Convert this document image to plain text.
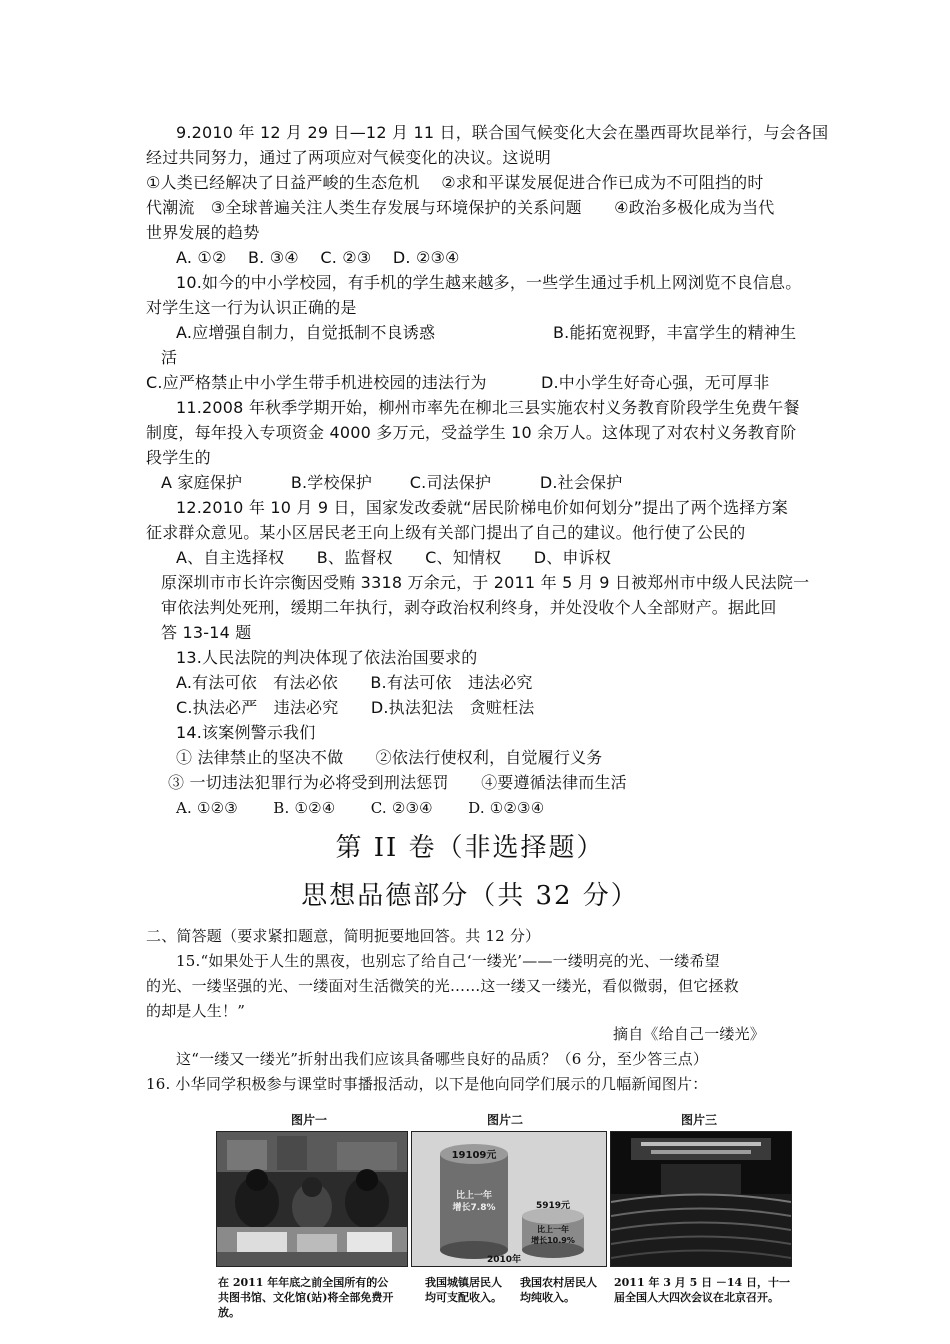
9.2010 年 12 月 29 日—12 月 11 日，联合国气候变化大会在墨西哥坎昆举行，与会各国
经过共同努力，通过了两项应对气候变化的决议。这说明
①人类已经解决了日益严峻的生态危机　 ②求和平谋发展促进合作已成为不可阻挡的时
代潮流　③全球普遍关注人类生存发展与环境保护的关系问题　　④政治多极化成为当代
世界发展的趋势
A. ①②　 B. ③④　 C. ②③　 D. ②③④
10.如今的中小学校园，有手机的学生越来越多，一些学生通过手机上网浏览不良信息。
对学生这一行为认识正确的是
A.应增强自制力，自觉抵制不良诱惑	B.能拓宽视野，丰富学生的精神生
活
C.应严格禁止中小学生带手机进校园的违法行为	D.中小学生好奇心强，无可厚非
11.2008 年秋季学期开始，柳州市率先在柳北三县实施农村义务教育阶段学生免费午餐
制度，每年投入专项资金 4000 多万元，受益学生 10 余万人。这体现了对农村义务教育阶
段学生的
A 家庭保护　　　B.学校保护　　 C.司法保护　　　D.社会保护
12.2010 年 10 月 9 日，国家发改委就“居民阶梯电价如何划分”提出了两个选择方案
征求群众意见。某小区居民老王向上级有关部门提出了自己的建议。他行使了公民的
A、自主选择权　　B、监督权　　C、知情权　　D、申诉权
原深圳市市长许宗衡因受贿 3318 万余元，于 2011 年 5 月 9 日被郑州市中级人民法院一
审依法判处死刑，缓期二年执行，剥夺政治权利终身，并处没收个人全部财产。据此回
答 13-14 题
13.人民法院的判决体现了依法治国要求的
A.有法可依　有法必依　　B.有法可依　违法必究
C.执法必严　违法必究　　D.执法犯法　贪赃枉法
14.该案例警示我们
① 法律禁止的坚决不做　　②依法行使权利，自觉履行义务
③ 一切违法犯罪行为必将受到刑法惩罚　　④要遵循法律而生活
A. ①②③　　 B. ①②④　　 C. ②③④　　 D. ①②③④
第 II 卷（非选择题）
思想品德部分（共 32 分）
二、简答题（要求紧扣题意，简明扼要地回答。共 12 分）
15.“如果处于人生的黑夜，也别忘了给自己‘一缕光’——一缕明亮的光、一缕希望
的光、一缕坚强的光、一缕面对生活微笑的光……这一缕又一缕光，看似微弱，但它拯救
的却是人生！”
摘自《给自己一缕光》
这“一缕又一缕光”折射出我们应该具备哪些良好的品质？（6 分，至少答三点）
16. 小华同学积极参与课堂时事播报活动，以下是他向同学们展示的几幅新闻图片：
图片一	图片二	图片三
19109元
比上一年
增长7.8%	5919元
比上一年
增长10.9%
2010年
在 2011 年年底之前全国所有的公共图书馆、文化馆(站)将全部免费开放。
我国城镇居民人均可支配收入。
我国农村居民人均纯收入。
2011 年 3 月 5 日 －14 日，十一届全国人大四次会议在北京召开。
